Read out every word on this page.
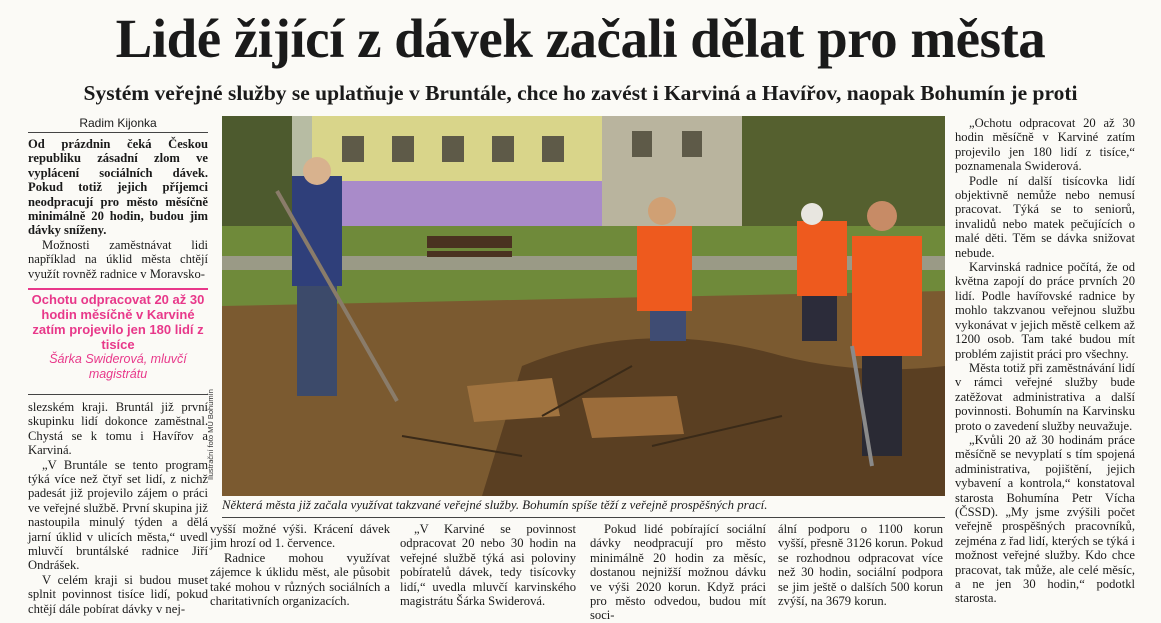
Lidé žijící z dávek začali dělat pro města
Systém veřejné služby se uplatňuje v Bruntále, chce ho zavést i Karviná a Havířov, naopak Bohumín je proti
Radim Kijonka

Od prázdnin čeká Českou republiku zásadní zlom ve vyplácení sociálních dávek. Pokud totiž jejich příjemci neodpracují pro město měsíčně minimálně 20 hodin, budou jim dávky sníženy.

Možnosti zaměstnávat lidi například na úklid města chtějí využít rovněž radnice v Moravsko-

Ochotu odpracovat 20 až 30 hodin měsíčně v Karviné zatím projevilo jen 180 lidí z tisíce
Šárka Swiderová, mluvčí magistrátu

slezském kraji. Bruntál již první skupinku lidí dokonce zaměstnal. Chystá se k tomu i Havířov a Karviná.

„V Bruntále se tento program týká více než čtyř set lidí, z nichž padesát již projevilo zájem o práci ve veřejné službě. První skupina již nastoupila minulý týden a dělá jarní úklid v ulicích města,“ uvedl mluvčí bruntálské radnice Jiří Ondrášek.

V celém kraji si budou muset splnit povinnost tisíce lidí, pokud chtějí dále pobírat dávky v nej-

Ilustrační foto MÚ Bohumín
Některá města již začala využívat takzvané veřejné služby. Bohumín spíše těží z veřejně prospěšných prací.

vyšší možné výši. Krácení dávek jim hrozí od 1. července.

Radnice mohou využívat zájemce k úklidu měst, ale působit také mohou v různých sociálních a charitativních organizacích.

„V Karviné se povinnost odpracovat 20 nebo 30 hodin na veřejné službě týká asi poloviny pobíratelů dávek, tedy tisícovky lidí,“ uvedla mluvčí karvinského magistrátu Šárka Swiderová.

Pokud lidé pobírající sociální dávky neodpracují pro město minimálně 20 hodin za měsíc, dostanou nejnižší možnou dávku ve výši 2020 korun. Když práci pro město odvedou, budou mít soci-

ální podporu o 1100 korun vyšší, přesně 3126 korun. Pokud se rozhodnou odpracovat více než 30 hodin, sociální podpora se jim ještě o dalších 500 korun zvýší, na 3679 korun.

„Ochotu odpracovat 20 až 30 hodin měsíčně v Karviné zatím projevilo jen 180 lidí z tisíce,“ poznamenala Swiderová.

Podle ní další tisícovka lidí objektivně nemůže nebo nemusí pracovat. Týká se to seniorů, invalidů nebo matek pečujících o malé děti. Těm se dávka snižovat nebude.

Karvinská radnice počítá, že od května zapojí do práce prvních 20 lidí. Podle havířovské radnice by mohlo takzvanou veřejnou službu vykonávat v jejich městě celkem až 1200 osob. Tam také budou mít problém zajistit práci pro všechny.

Města totiž při zaměstnávání lidí v rámci veřejné služby bude zatěžovat administrativa a další povinnosti. Bohumín na Karvinsku proto o zavedení služby neuvažuje.

„Kvůli 20 až 30 hodinám práce měsíčně se nevyplatí s tím spojená administrativa, pojištění, jejich vybavení a kontrola,“ konstatoval starosta Bohumína Petr Vícha (ČSSD). „My jsme zvýšili počet veřejně prospěšných pracovníků, zejména z řad lidí, kterých se týká i možnost veřejné služby. Kdo chce pracovat, tak může, ale celé měsíc, a ne jen 30 hodin,“ podotkl starosta.
